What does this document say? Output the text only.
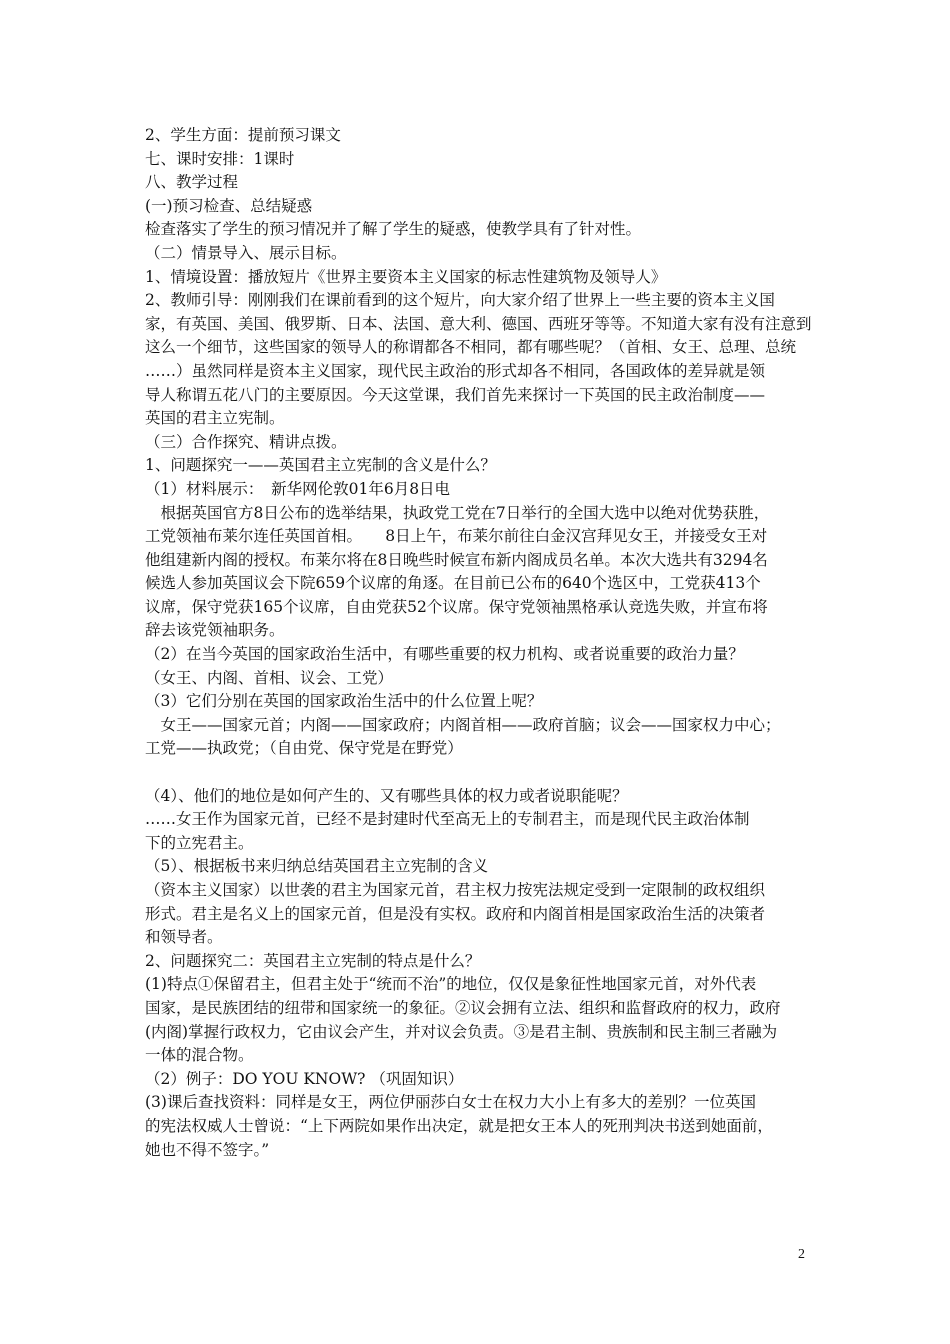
2、学生方面：提前预习课文
七、课时安排：1课时
八、教学过程
(一)预习检查、总结疑惑
检查落实了学生的预习情况并了解了学生的疑惑，使教学具有了针对性。
（二）情景导入、展示目标。
1、情境设置：播放短片《世界主要资本主义国家的标志性建筑物及领导人》
2、教师引导：刚刚我们在课前看到的这个短片，向大家介绍了世界上一些主要的资本主义国
家，有英国、美国、俄罗斯、日本、法国、意大利、德国、西班牙等等。不知道大家有没有注意到
这么一个细节，这些国家的领导人的称谓都各不相同，都有哪些呢？（首相、女王、总理、总统
……）虽然同样是资本主义国家，现代民主政治的形式却各不相同，各国政体的差异就是领
导人称谓五花八门的主要原因。今天这堂课，我们首先来探讨一下英国的民主政治制度——
英国的君主立宪制。
（三）合作探究、精讲点拨。
1、问题探究一——英国君主立宪制的含义是什么？
（1）材料展示：　新华网伦敦01年6月8日电
　根据英国官方8日公布的选举结果，执政党工党在7日举行的全国大选中以绝对优势获胜，
工党领袖布莱尔连任英国首相。　　8日上午，布莱尔前往白金汉宫拜见女王，并接受女王对
他组建新内阁的授权。布莱尔将在8日晚些时候宣布新内阁成员名单。本次大选共有3294名
候选人参加英国议会下院659个议席的角逐。在目前已公布的640个选区中，工党获413个
议席，保守党获165个议席，自由党获52个议席。保守党领袖黑格承认竞选失败，并宣布将
辞去该党领袖职务。
（2）在当今英国的国家政治生活中，有哪些重要的权力机构、或者说重要的政治力量？
（女王、内阁、首相、议会、工党）
（3）它们分别在英国的国家政治生活中的什么位置上呢？
　女王——国家元首；内阁——国家政府；内阁首相——政府首脑；议会——国家权力中心；
工党——执政党；（自由党、保守党是在野党）
（4）、他们的地位是如何产生的、又有哪些具体的权力或者说职能呢？
……女王作为国家元首，已经不是封建时代至高无上的专制君主，而是现代民主政治体制
下的立宪君主。
（5）、根据板书来归纳总结英国君主立宪制的含义
（资本主义国家）以世袭的君主为国家元首，君主权力按宪法规定受到一定限制的政权组织
形式。君主是名义上的国家元首，但是没有实权。政府和内阁首相是国家政治生活的决策者
和领导者。
2、问题探究二：英国君主立宪制的特点是什么？
(1)特点①保留君主，但君主处于“统而不治”的地位，仅仅是象征性地国家元首，对外代表
国家，是民族团结的纽带和国家统一的象征。②议会拥有立法、组织和监督政府的权力，政府
(内阁)掌握行政权力，它由议会产生，并对议会负责。③是君主制、贵族制和民主制三者融为
一体的混合物。
（2）例子：DO YOU KNOW? （巩固知识）
(3)课后查找资料：同样是女王，两位伊丽莎白女士在权力大小上有多大的差别？一位英国
的宪法权威人士曾说：“上下两院如果作出决定，就是把女王本人的死刑判决书送到她面前，
她也不得不签字。”
2
